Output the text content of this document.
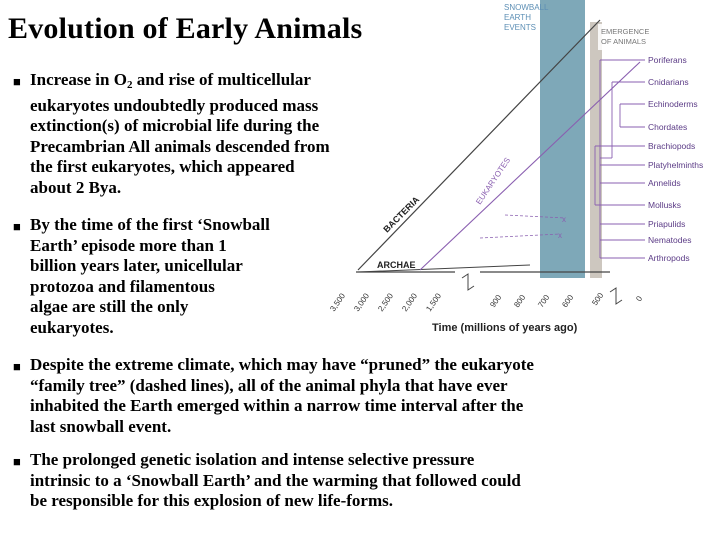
Evolution of Early Animals
■ Increase in $O_2$ and rise of multicellular
eukaryotes undoubtedly produced mass
extinction(s) of microbial life during the
Precambrian All animals descended from
the first eukaryotes, which appeared
about 2 Bya.
■ By the time of the first ‘Snowball
Earth’ episode more than 1
billion years later, unicellular
protozoa and filamentous
algae are still the only
eukaryotes.
■ Despite the extreme climate, which may have “pruned” the eukaryote
“family tree” (dashed lines), all of the animal phyla that have ever
inhabited the Earth emerged within a narrow time interval after the
last snowball event.
■ The prolonged genetic isolation and intense selective pressure
intrinsic to a ‘Snowball Earth’ and the warming that followed could
be responsible for this explosion of new life-forms.
SNOWBALL
EARTH
EVENTS	EMERGENCE
OF ANIMALS
x
x
Poriferans
Cnidarians
Echinoderms
Chordates
Brachiopods
Platyhelminths
Annelids
Mollusks
Priapulids
Nematodes
Arthropods
BACTERIA
ARCHAE
EUKARYOTES
3,500 3,000 2,500 2,000 1,500	900 800 700 600 500	0
Time (millions of years ago)
